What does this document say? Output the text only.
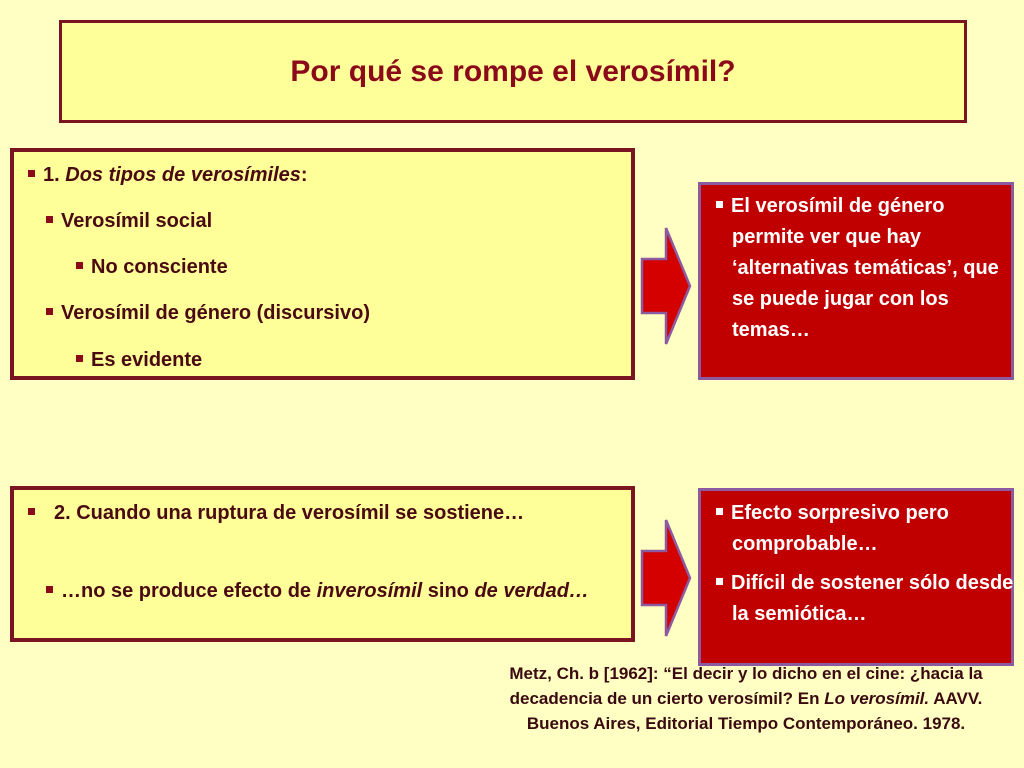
Por qué se rompe el verosímil?
1. Dos tipos de verosímiles:
Verosímil social
No consciente
Verosímil de género (discursivo)
Es evidente
El verosímil de género permite ver que hay ‘alternativas temáticas’, que se puede jugar con los temas…
2. Cuando una ruptura de verosímil se sostiene…
…no se produce efecto de inverosímil sino de verdad…
Efecto sorpresivo pero comprobable…
Difícil de sostener sólo desde la semiótica…
Metz, Ch. b [1962]: “El decir y lo dicho en el cine: ¿hacia la decadencia de un cierto verosímil? En Lo verosímil. AAVV. Buenos Aires, Editorial Tiempo Contemporáneo. 1978.
